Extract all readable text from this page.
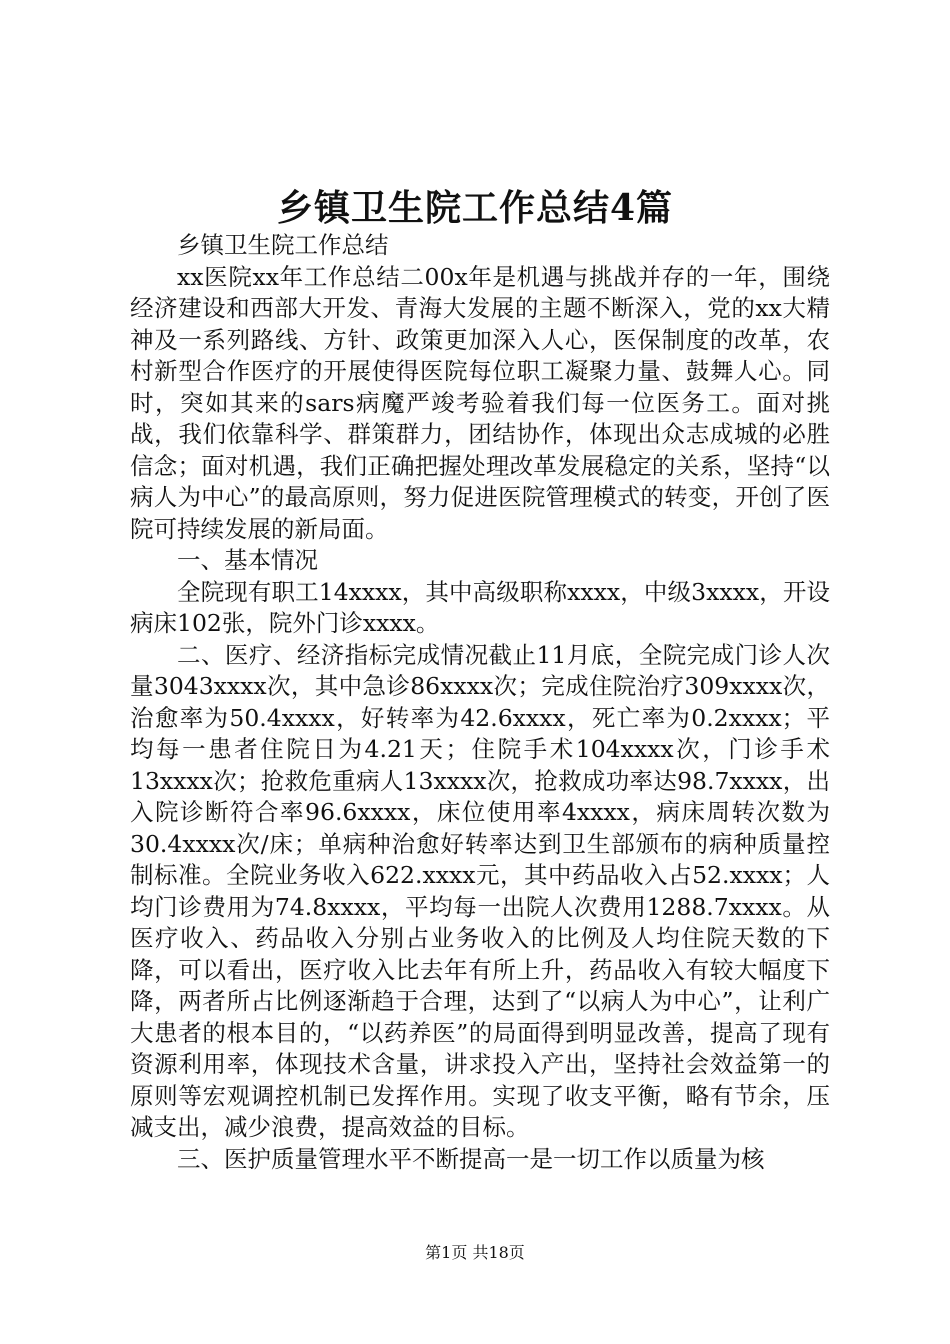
乡镇卫生院工作总结4篇

乡镇卫生院工作总结

xx医院xx年工作总结二00x年是机遇与挑战并存的一年，围绕经济建设和西部大开发、青海大发展的主题不断深入，党的xx大精神及一系列路线、方针、政策更加深入人心，医保制度的改革，农村新型合作医疗的开展使得医院每位职工凝聚力量、鼓舞人心。同时，突如其来的sars病魔严竣考验着我们每一位医务工。面对挑战，我们依靠科学、群策群力，团结协作，体现出众志成城的必胜信念；面对机遇，我们正确把握处理改革发展稳定的关系，坚持“以病人为中心”的最高原则，努力促进医院管理模式的转变，开创了医院可持续发展的新局面。

一、基本情况

全院现有职工14xxxx，其中高级职称xxxx，中级3xxxx，开设病床102张，院外门诊xxxx。

二、医疗、经济指标完成情况截止11月底，全院完成门诊人次量3043xxxx次，其中急诊86xxxx次；完成住院治疗309xxxx次，治愈率为50.4xxxx，好转率为42.6xxxx，死亡率为0.2xxxx；平均每一患者住院日为4.21天；住院手术104xxxx次，门诊手术13xxxx次；抢救危重病人13xxxx次，抢救成功率达98.7xxxx，出入院诊断符合率96.6xxxx，床位使用率4xxxx，病床周转次数为30.4xxxx次/床；单病种治愈好转率达到卫生部颁布的病种质量控制标准。全院业务收入622.xxxx元，其中药品收入占52.xxxx；人均门诊费用为74.8xxxx，平均每一出院人次费用1288.7xxxx。从医疗收入、药品收入分别占业务收入的比例及人均住院天数的下降，可以看出，医疗收入比去年有所上升，药品收入有较大幅度下降，两者所占比例逐渐趋于合理，达到了“以病人为中心”，让利广大患者的根本目的，“以药养医”的局面得到明显改善，提高了现有资源利用率，体现技术含量，讲求投入产出，坚持社会效益第一的原则等宏观调控机制已发挥作用。实现了收支平衡，略有节余，压减支出，减少浪费，提高效益的目标。

三、医护质量管理水平不断提高一是一切工作以质量为核

第1页 共18页
